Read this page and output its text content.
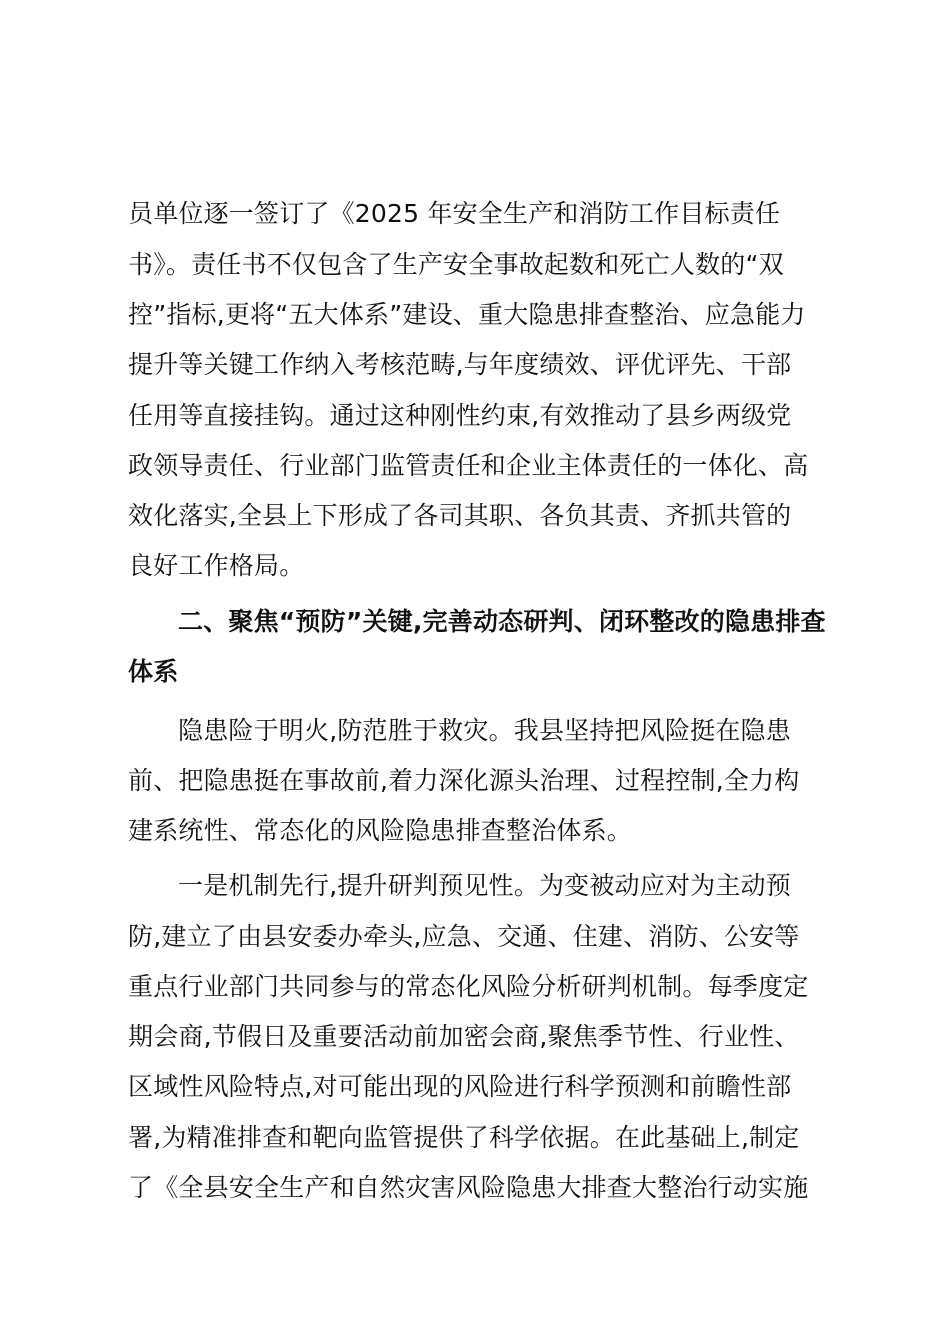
员单位逐一签订了《2025 年安全生产和消防工作目标责任
书》。责任书不仅包含了生产安全事故起数和死亡人数的“双
控”指标,更将“五大体系”建设、重大隐患排查整治、应急能力
提升等关键工作纳入考核范畴,与年度绩效、评优评先、干部
任用等直接挂钩。通过这种刚性约束,有效推动了县乡两级党
政领导责任、行业部门监管责任和企业主体责任的一体化、高
效化落实,全县上下形成了各司其职、各负其责、齐抓共管的
良好工作格局。
二、聚焦“预防”关键,完善动态研判、闭环整改的隐患排查
体系
隐患险于明火,防范胜于救灾。我县坚持把风险挺在隐患
前、把隐患挺在事故前,着力深化源头治理、过程控制,全力构
建系统性、常态化的风险隐患排查整治体系。
一是机制先行,提升研判预见性。为变被动应对为主动预
防,建立了由县安委办牵头,应急、交通、住建、消防、公安等
重点行业部门共同参与的常态化风险分析研判机制。每季度定
期会商,节假日及重要活动前加密会商,聚焦季节性、行业性、
区域性风险特点,对可能出现的风险进行科学预测和前瞻性部
署,为精准排查和靶向监管提供了科学依据。在此基础上,制定
了《全县安全生产和自然灾害风险隐患大排查大整治行动实施
